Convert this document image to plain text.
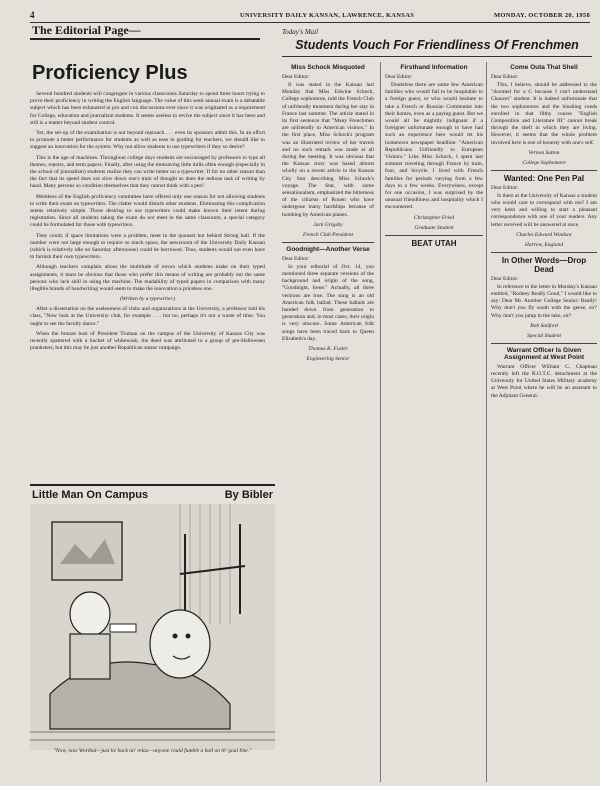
4	UNIVERSITY DAILY KANSAN, LAWRENCE, KANSAS	MONDAY, OCTOBER 20, 1958
The Editorial Page—
Proficiency Plus

Several hundred students will congregate in various classrooms Saturday to spend three hours trying to prove their proficiency in writing the English language. The value of this semi-annual exam is a debatable subject which has been exhausted in pro and con discussions ever since it was originated as a requirement for College, education and journalism students. It seems useless to revive the subject since it has been and still is a matter beyond student control.

Yet, the set-up of the examination is not beyond reproach . . . even its sponsors admit this. In an effort to promote a better performance for students as well as ease in grading for teachers, we should like to suggest an innovation for the system. Why not allow students to use typewriters if they so desire?

This is the age of machines. Throughout college days students are encouraged by professors to type all themes, reports, and term papers. Finally, after using the timesaving little mills often enough (especially in the school of journalism) students realize they can write better on a typewriter. If for no other reason than the fact that its speed does not slow down one's train of thought as does the tedious task of writing by hand. Many persons so condition themselves that they cannot think with a pen!

Members of the English proficiency committee have offered only one reason for not allowing students to write their exam on typewriters. The clatter would disturb other students. Eliminating this complication seems relatively simple. Those desiring to use typewriters could make known their intent during registration. Since all students taking the exam do not meet in the same classroom, a special category could be formulated for those with typewriters.

They could, if space limitations were a problem, meet in the quonset hut behind Strong hall. If the number were not large enough to require so much space, the newsroom of the University Daily Kansan (which is relatively idle on Saturday afternoons) could be borrowed. Thus, students would not even have to furnish their own typewriters.

Although teachers complain about the multitude of errors which students make on their typed assignments, it must be obvious that those who prefer this means of writing are probably not the same persons who lack skill in using the machine. The readability of typed papers in comparison with many illegible brands of handwriting would seem to make the innovation a priceless one.

(Written by a typewriter.)

After a dissertation on the uselessness of clubs and organizations at the University, a professor told his class, "Now look at the University club, for example . . . but no, perhaps it's not a waste of time. You ought to see the faculty dance."

When the bronze bust of President Truman on the campus of the University of Kansas City was recently spattered with a bucket of whitewash, the deed was attributed to a group of pre-Halloween pranksters, but this may be just another Republican smear campaign.

Little Man On Campus	By Bibler
"Now, now Worthal—just lie back an' relax—anyone could fumble a ball on th' goal line."
Today's Mail
Students Vouch For Friendliness Of Frenchmen
Miss Schock Misquoted

Dear Editor:

It was stated in the Kansan last Monday that Miss Edwine Schock, College sophomore, told the French Club of unfriendly treatment during her stay in France last summer. The article stated in its first sentence that "Many Frenchmen are unfriendly to American visitors." In the first place, Miss Schock's program was an illustrated review of her travels and no such remark was made at all during the meeting. It was obvious that the Kansan story was based almost wholly on a recent article in the Kansas City Star describing Miss Schock's voyage. The Star, with some sensationalism, emphasized the bitterness of the citizens of Rouen who have undergone many hardships because of bombing by American planes.

Jack Grigsby
French Club President
Goodnight—Another Verse

Dear Editor:

In your editorial of Oct. 14, you mentioned three separate versions of the background and origin of the song, "Goodnight, Irene." Actually, all three versions are true. The song is an old American folk ballad. These ballads are handed down from generation to generation and, in most cases, their origin is very obscure. Some American folk songs have been traced back to Queen Elizabeth's day.

Thomas K. Foster
Engineering Senior
Firsthand Information

Dear Editor:

Doubtless there are some few American families who would fail to be hospitable to a foreign guest, or who would hesitate to take a French or Russian Communist into their homes, even as a paying guest. But we would all be mightily indignant if a foreigner unfortunate enough to have had such an experience here would let his hometown newspaper headline: "American Republicans Unfriendly to European Visitors." Like Miss Schock, I spent last summer traveling through France by train, foot, and bicycle. I lived with French families for periods varying from a few days to a few weeks. Everywhere, except for one occasion, I was surprised by the unusual friendliness and hospitality which I encountered.

Christopher Fried
Graduate Student
BEAT UTAH
Come Outa That Shell

Dear Editor:

This, I believe, should be addressed to the "doomed for a C because I can't understand Chaucer" student. It is indeed unfortunate that the two sophomores and the blushing coeds enrolled in that filthy course "English Composition and Literature III" cannot break through the shell in which they are living. However, it seems that the whole problem involved here is one of honesty with one's self.

Vernon Sutton
College Sophomore
Wanted: One Pen Pal

Dear Editor:

Is there at the University of Kansas a student who would care to correspond with me? I am very keen and willing to start a pleasant correspondence with one of your readers. Any letter received will be answered at once.

Charles Edward Windsor
Harrow, England
In Other Words—Drop Dead

Dear Editor:

In reference to the letter in Monday's Kansan entitled, "Rodney Really Good," I would like to say: Dear Mr. Another College Senior: Really! Why don't you fly south with the geese, sir? Why don't you jump in the lake, sir?

Bob Sanford
Special Student
Warrant Officer Is Given Assignment at West Point

Warrant Officer William C. Chapman recently left the R.O.T.C. detachment at the University for United States Military academy at West Point where he will be an assistant to the Adjutant General.
